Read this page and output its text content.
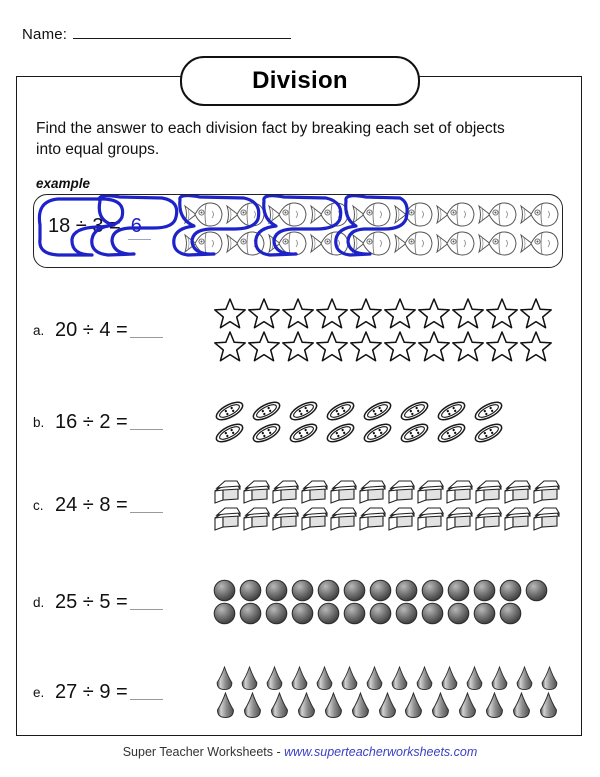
Name:
Division
Find the answer to each division fact by breaking each set of objects into equal groups.
example
18 ÷ 3 = 6
a. 20 ÷ 4 =
b. 16 ÷ 2 =
c. 24 ÷ 8 =
d. 25 ÷ 5 =
e. 27 ÷ 9 =
Super Teacher Worksheets - www.superteacherworksheets.com
